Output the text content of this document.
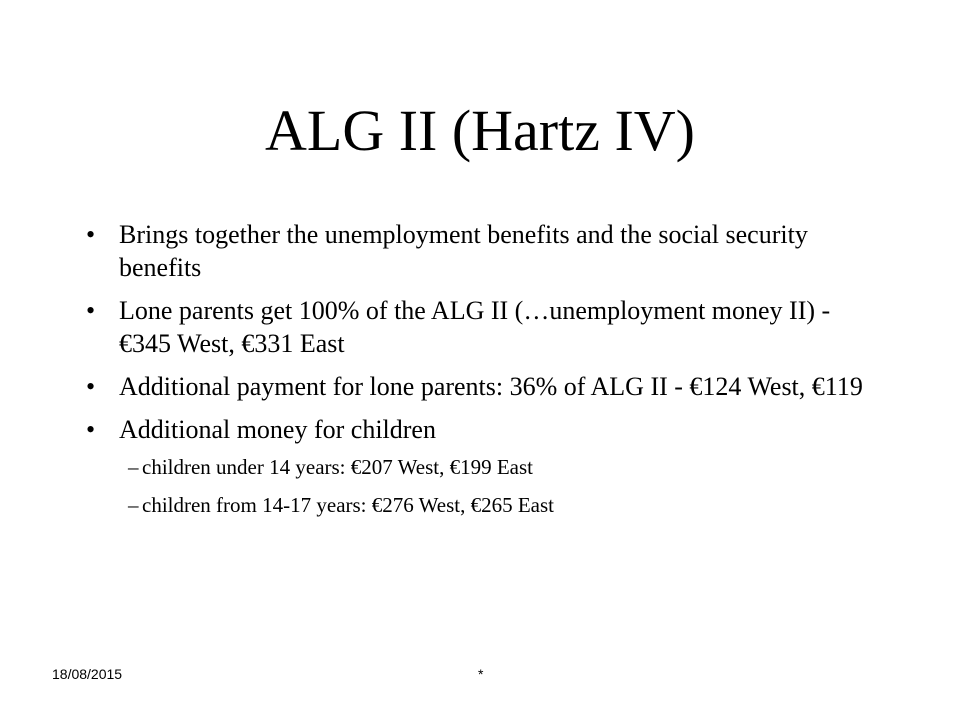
ALG II (Hartz IV)
• Brings together the unemployment benefits and the social security benefits
• Lone parents get 100% of the ALG II (…unemployment money II) - €345 West, €331 East
• Additional payment for lone parents: 36% of ALG II - €124 West, €119
• Additional money for children
– children under 14 years: €207 West, €199 East
– children from 14-17 years: €276 West, €265 East
18/08/2015	*
